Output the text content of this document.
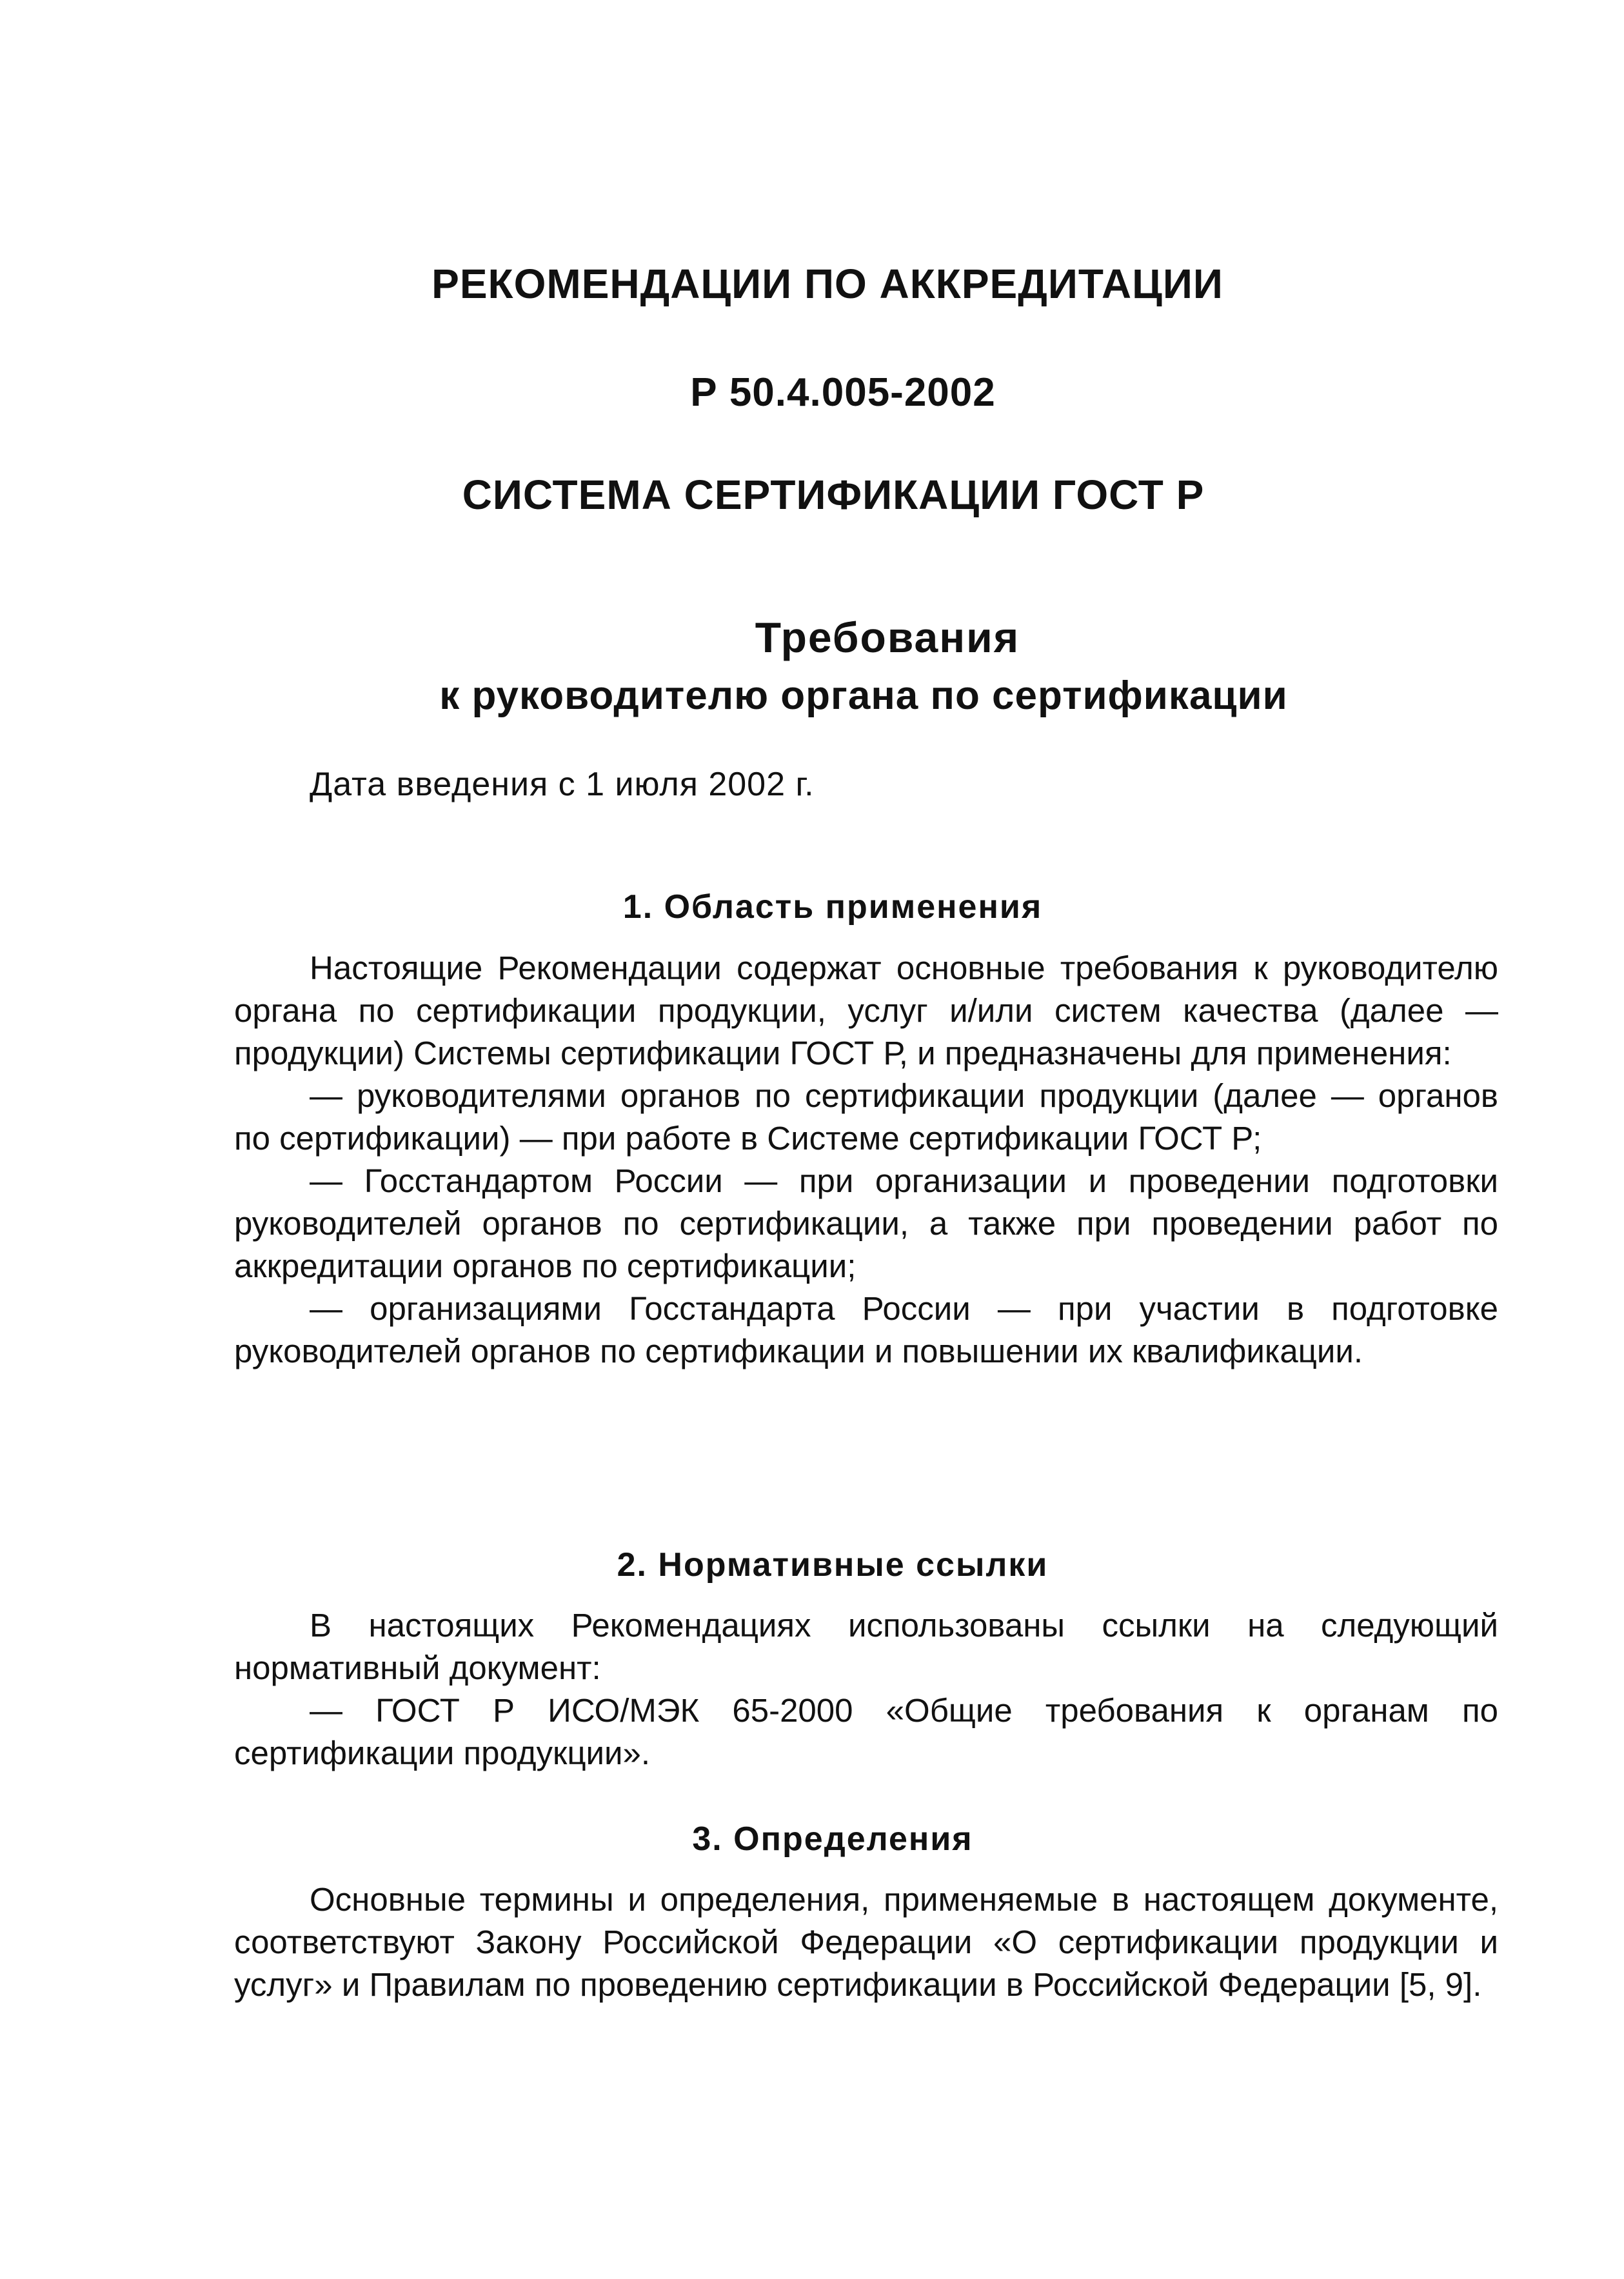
РЕКОМЕНДАЦИИ ПО АККРЕДИТАЦИИ
Р 50.4.005-2002
СИСТЕМА СЕРТИФИКАЦИИ ГОСТ Р
Требования
к руководителю органа по сертификации

Дата введения с 1 июля 2002 г.

1. Область применения

Настоящие Рекомендации содержат основные требования к руководителю органа по сертификации продукции, услуг и/или систем качества (далее — продукции) Системы сертификации ГОСТ Р, и предназначены для применения:

— руководителями органов по сертификации продукции (далее — органов по сертификации) — при работе в Системе сертификации ГОСТ Р;

— Госстандартом России — при организации и проведении подготовки руководителей органов по сертификации, а также при проведении работ по аккредитации органов по сертификации;

— организациями Госстандарта России — при участии в подготовке руководителей органов по сертификации и повышении их квалификации.

2. Нормативные ссылки

В настоящих Рекомендациях использованы ссылки на следующий нормативный документ:

— ГОСТ Р ИСО/МЭК 65-2000 «Общие требования к органам по сертификации продукции».

3. Определения

Основные термины и определения, применяемые в настоящем документе, соответствуют Закону Российской Федерации «О сертификации продукции и услуг» и Правилам по проведению сертификации в Российской Федерации [5, 9].
